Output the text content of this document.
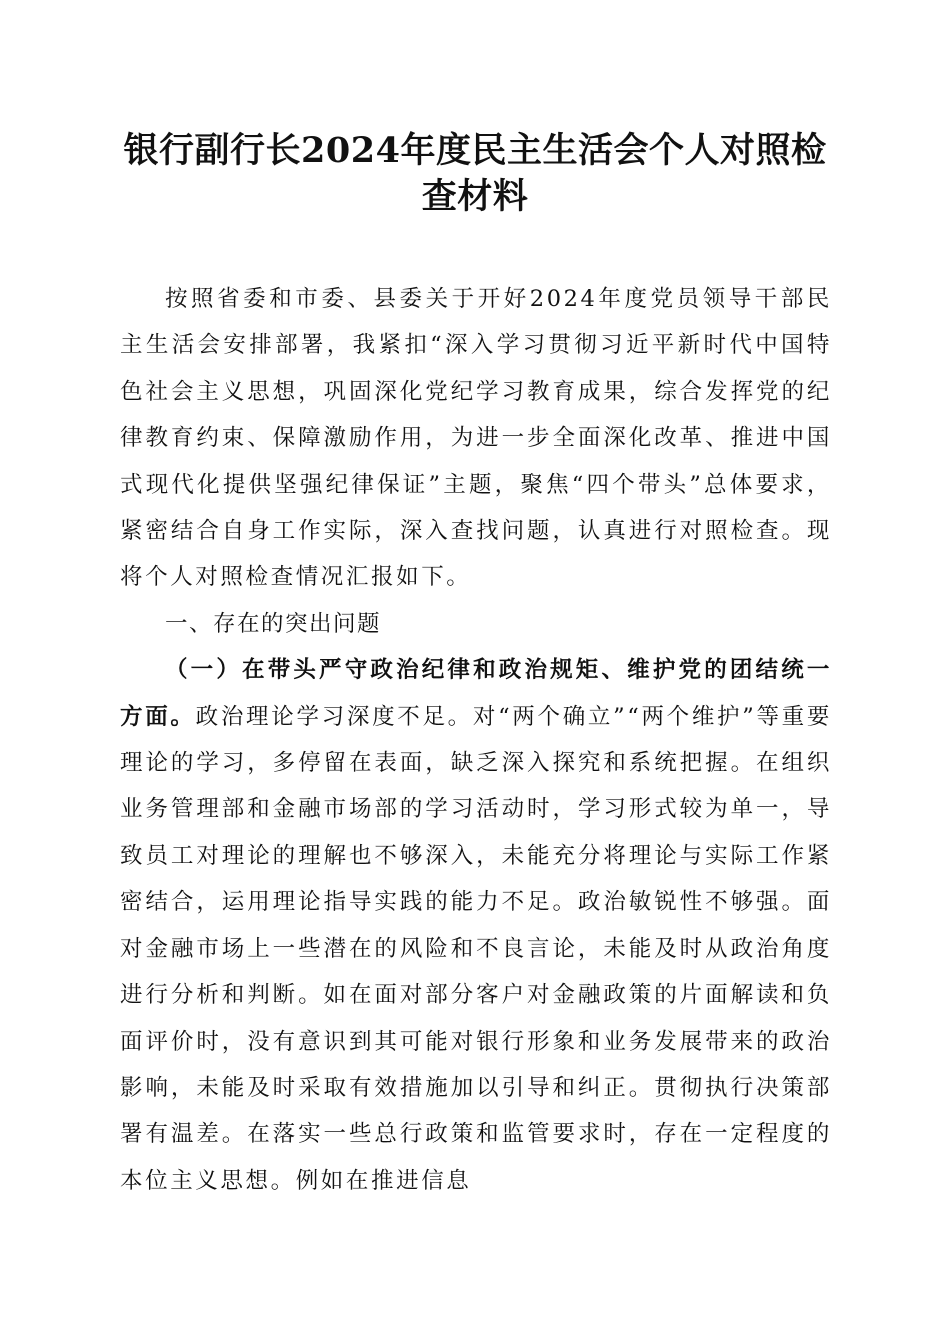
银行副行长2024年度民主生活会个人对照检查材料

按照省委和市委、县委关于开好2024年度党员领导干部民主生活会安排部署，我紧扣“深入学习贯彻习近平新时代中国特色社会主义思想，巩固深化党纪学习教育成果，综合发挥党的纪律教育约束、保障激励作用，为进一步全面深化改革、推进中国式现代化提供坚强纪律保证”主题，聚焦“四个带头”总体要求，紧密结合自身工作实际，深入查找问题，认真进行对照检查。现将个人对照检查情况汇报如下。

一、存在的突出问题

（一）在带头严守政治纪律和政治规矩、维护党的团结统一方面。政治理论学习深度不足。对“两个确立”“两个维护”等重要理论的学习，多停留在表面，缺乏深入探究和系统把握。在组织业务管理部和金融市场部的学习活动时，学习形式较为单一，导致员工对理论的理解也不够深入，未能充分将理论与实际工作紧密结合，运用理论指导实践的能力不足。政治敏锐性不够强。面对金融市场上一些潜在的风险和不良言论，未能及时从政治角度进行分析和判断。如在面对部分客户对金融政策的片面解读和负面评价时，没有意识到其可能对银行形象和业务发展带来的政治影响，未能及时采取有效措施加以引导和纠正。贯彻执行决策部署有温差。在落实一些总行政策和监管要求时，存在一定程度的本位主义思想。例如在推进信息
